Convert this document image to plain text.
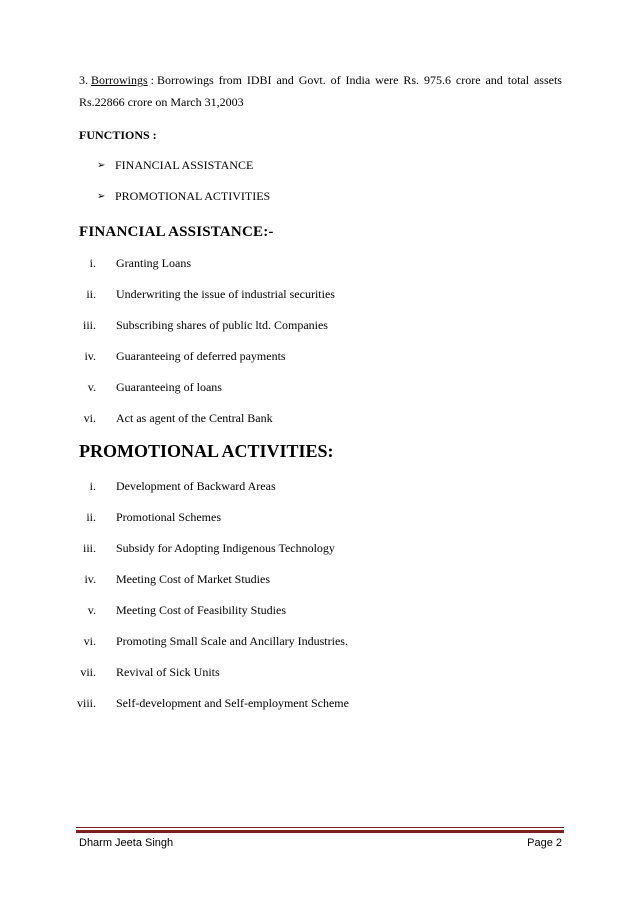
3. Borrowings : Borrowings from IDBI and Govt. of India were Rs. 975.6 crore and total assets
Rs.22866 crore on March 31,2003
FUNCTIONS :
➢ FINANCIAL ASSISTANCE
➢ PROMOTIONAL ACTIVITIES
FINANCIAL ASSISTANCE:-
i. Granting Loans
ii. Underwriting the issue of industrial securities
iii. Subscribing shares of public ltd. Companies
iv. Guaranteeing of deferred payments
v. Guaranteeing of loans
vi. Act as agent of the Central Bank
PROMOTIONAL ACTIVITIES:
i. Development of Backward Areas
ii. Promotional Schemes
iii. Subsidy for Adopting Indigenous Technology
iv. Meeting Cost of Market Studies
v. Meeting Cost of Feasibility Studies
vi. Promoting Small Scale and Ancillary Industries.
vii. Revival of Sick Units
viii. Self-development and Self-employment Scheme
Dharm Jeeta Singh	Page 2
